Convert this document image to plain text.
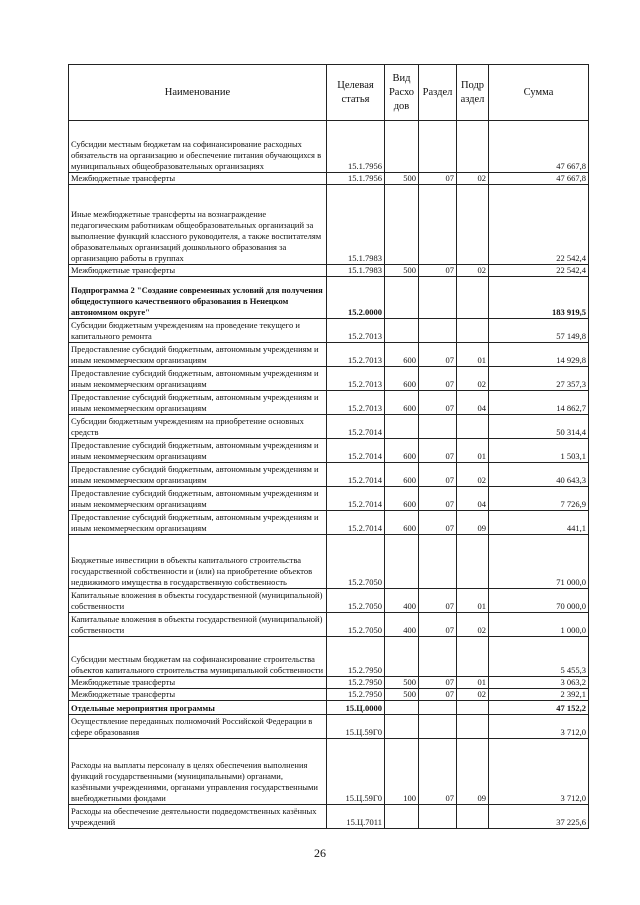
Наименование	Целевая статья	Вид Расхо дов	Раздел	Подр аздел	Сумма
Субсидии местным бюджетам на софинансирование расходных обязательств на организацию и обеспечение питания обучающихся в муниципальных общеобразовательных организациях	15.1.7956				47 667,8
Межбюджетные трансферты	15.1.7956	500	07	02	47 667,8
Иные межбюджетные трансферты на вознаграждение педагогическим работникам общеобразовательных организаций за выполнение функций классного руководителя, а также воспитателям образовательных организаций дошкольного образования за организацию работы в группах	15.1.7983				22 542,4
Межбюджетные трансферты	15.1.7983	500	07	02	22 542,4
Подпрограмма 2 "Создание современных условий для получения общедоступного качественного образования в Ненецком автономном округе"	15.2.0000				183 919,5
Субсидии бюджетным учреждениям на проведение текущего и капитального ремонта	15.2.7013				57 149,8
Предоставление субсидий бюджетным, автономным учреждениям и иным некоммерческим организациям	15.2.7013	600	07	01	14 929,8
Предоставление субсидий бюджетным, автономным учреждениям и иным некоммерческим организациям	15.2.7013	600	07	02	27 357,3
Предоставление субсидий бюджетным, автономным учреждениям и иным некоммерческим организациям	15.2.7013	600	07	04	14 862,7
Субсидии бюджетным учреждениям на приобретение основных средств	15.2.7014				50 314,4
Предоставление субсидий бюджетным, автономным учреждениям и иным некоммерческим организациям	15.2.7014	600	07	01	1 503,1
Предоставление субсидий бюджетным, автономным учреждениям и иным некоммерческим организациям	15.2.7014	600	07	02	40 643,3
Предоставление субсидий бюджетным, автономным учреждениям и иным некоммерческим организациям	15.2.7014	600	07	04	7 726,9
Предоставление субсидий бюджетным, автономным учреждениям и иным некоммерческим организациям	15.2.7014	600	07	09	441,1
Бюджетные инвестиции в объекты капитального строительства государственной собственности и (или) на приобретение объектов недвижимого имущества в государственную собственность	15.2.7050				71 000,0
Капитальные вложения в объекты государственной (муниципальной) собственности	15.2.7050	400	07	01	70 000,0
Капитальные вложения в объекты государственной (муниципальной) собственности	15.2.7050	400	07	02	1 000,0
Субсидии местным бюджетам на софинансирование строительства объектов капитального строительства муниципальной собственности	15.2.7950				5 455,3
Межбюджетные трансферты	15.2.7950	500	07	01	3 063,2
Межбюджетные трансферты	15.2.7950	500	07	02	2 392,1
Отдельные мероприятия программы	15.Ц.0000				47 152,2
Осуществление переданных полномочий Российской Федерации в сфере образования	15.Ц.59Г0				3 712,0
Расходы на выплаты персоналу в целях обеспечения выполнения функций государственными (муниципальными) органами, казёнными учреждениями, органами управления государственными внебюджетными фондами	15.Ц.59Г0	100	07	09	3 712,0
Расходы на обеспечение деятельности подведомственных казённых учреждений	15.Ц.7011				37 225,6
26
